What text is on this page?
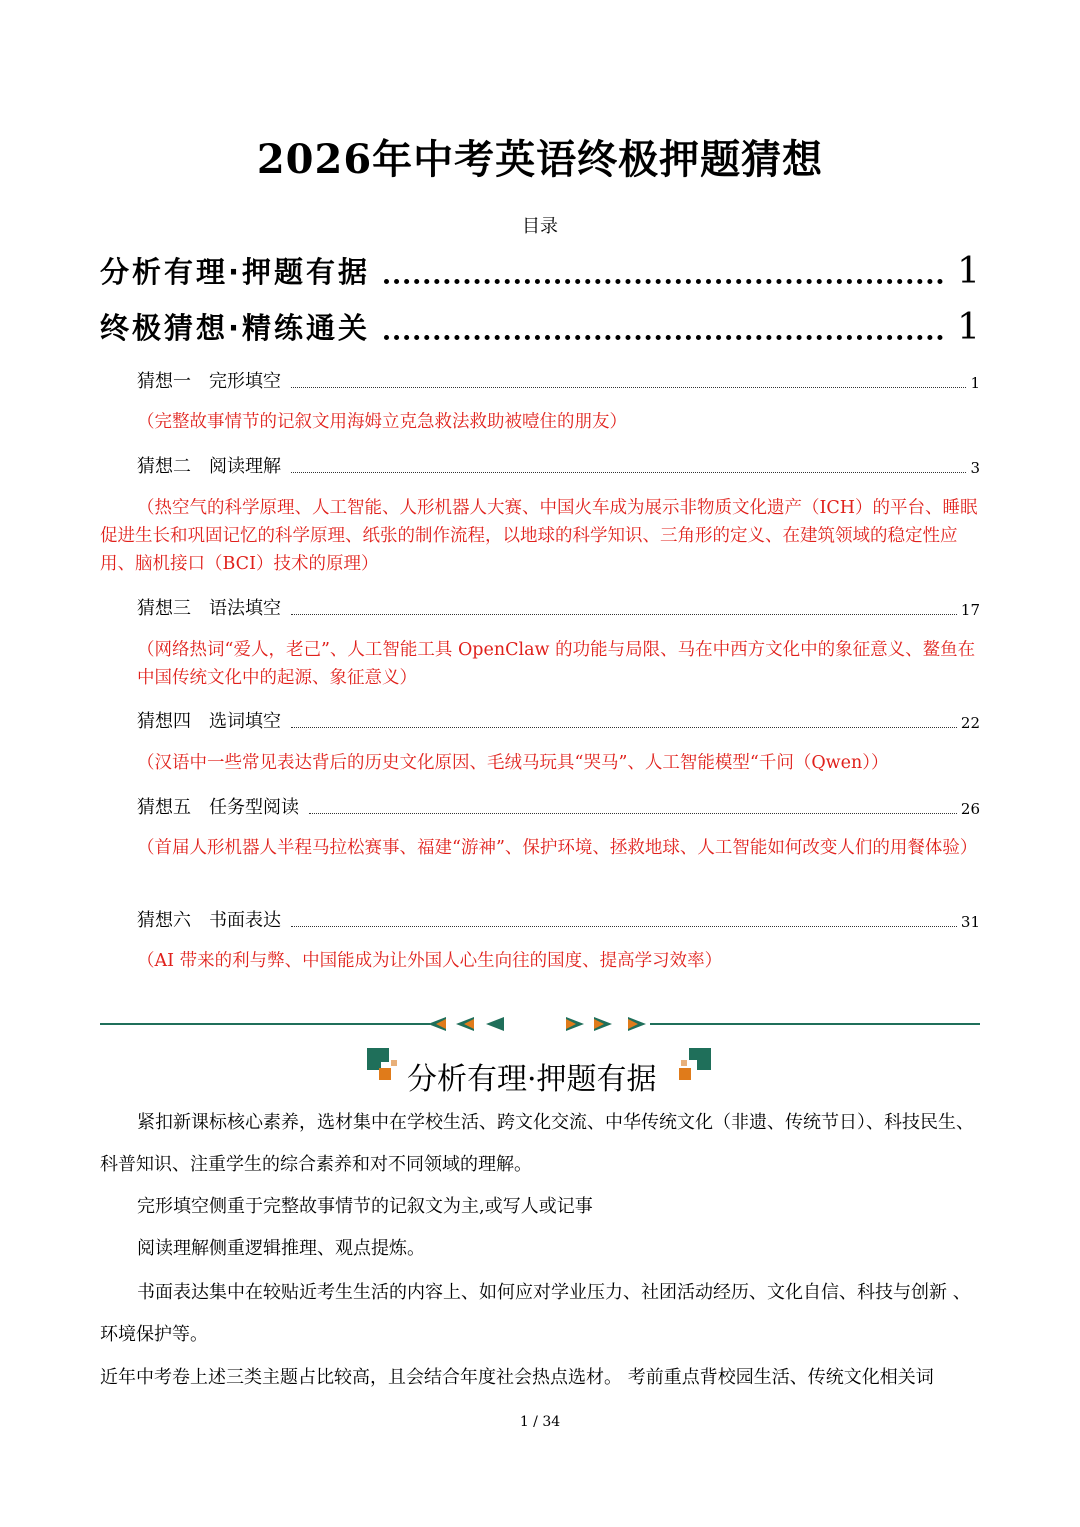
2026年中考英语终极押题猜想
目录
分析有理·押题有据	1
终极猜想·精练通关	1
猜想一 完形填空	1
（完整故事情节的记叙文用海姆立克急救法救助被噎住的朋友）
猜想二 阅读理解	3
（热空气的科学原理、人工智能、人形机器人大赛、中国火车成为展示非物质文化遗产（ICH）的平台、睡眠促进生长和巩固记忆的科学原理、纸张的制作流程，以地球的科学知识、三角形的定义、在建筑领域的稳定性应用、脑机接口（BCI）技术的原理）
猜想三 语法填空	17
（网络热词“爱人，老己”、人工智能工具 OpenClaw 的功能与局限、马在中西方文化中的象征意义、鳌鱼在中国传统文化中的起源、象征意义）
猜想四 选词填空	22
（汉语中一些常见表达背后的历史文化原因、毛绒马玩具“哭马”、人工智能模型“千问（Qwen））
猜想五 任务型阅读	26
（首届人形机器人半程马拉松赛事、福建“游神”、保护环境、拯救地球、人工智能如何改变人们的用餐体验）
猜想六 书面表达	31
（AI 带来的利与弊、中国能成为让外国人心生向往的国度、提高学习效率）
分析有理·押题有据

紧扣新课标核心素养，选材集中在学校生活、跨文化交流、中华传统文化（非遗、传统节日）、科技民生、科普知识、注重学生的综合素养和对不同领域的理解。

完形填空侧重于完整故事情节的记叙文为主,或写人或记事

阅读理解侧重逻辑推理、观点提炼。

书面表达集中在较贴近考生生活的内容上、如何应对学业压力、社团活动经历、文化自信、科技与创新 、环境保护等。

近年中考卷上述三类主题占比较高，且会结合年度社会热点选材。 考前重点背校园生活、传统文化相关词

1 / 34
